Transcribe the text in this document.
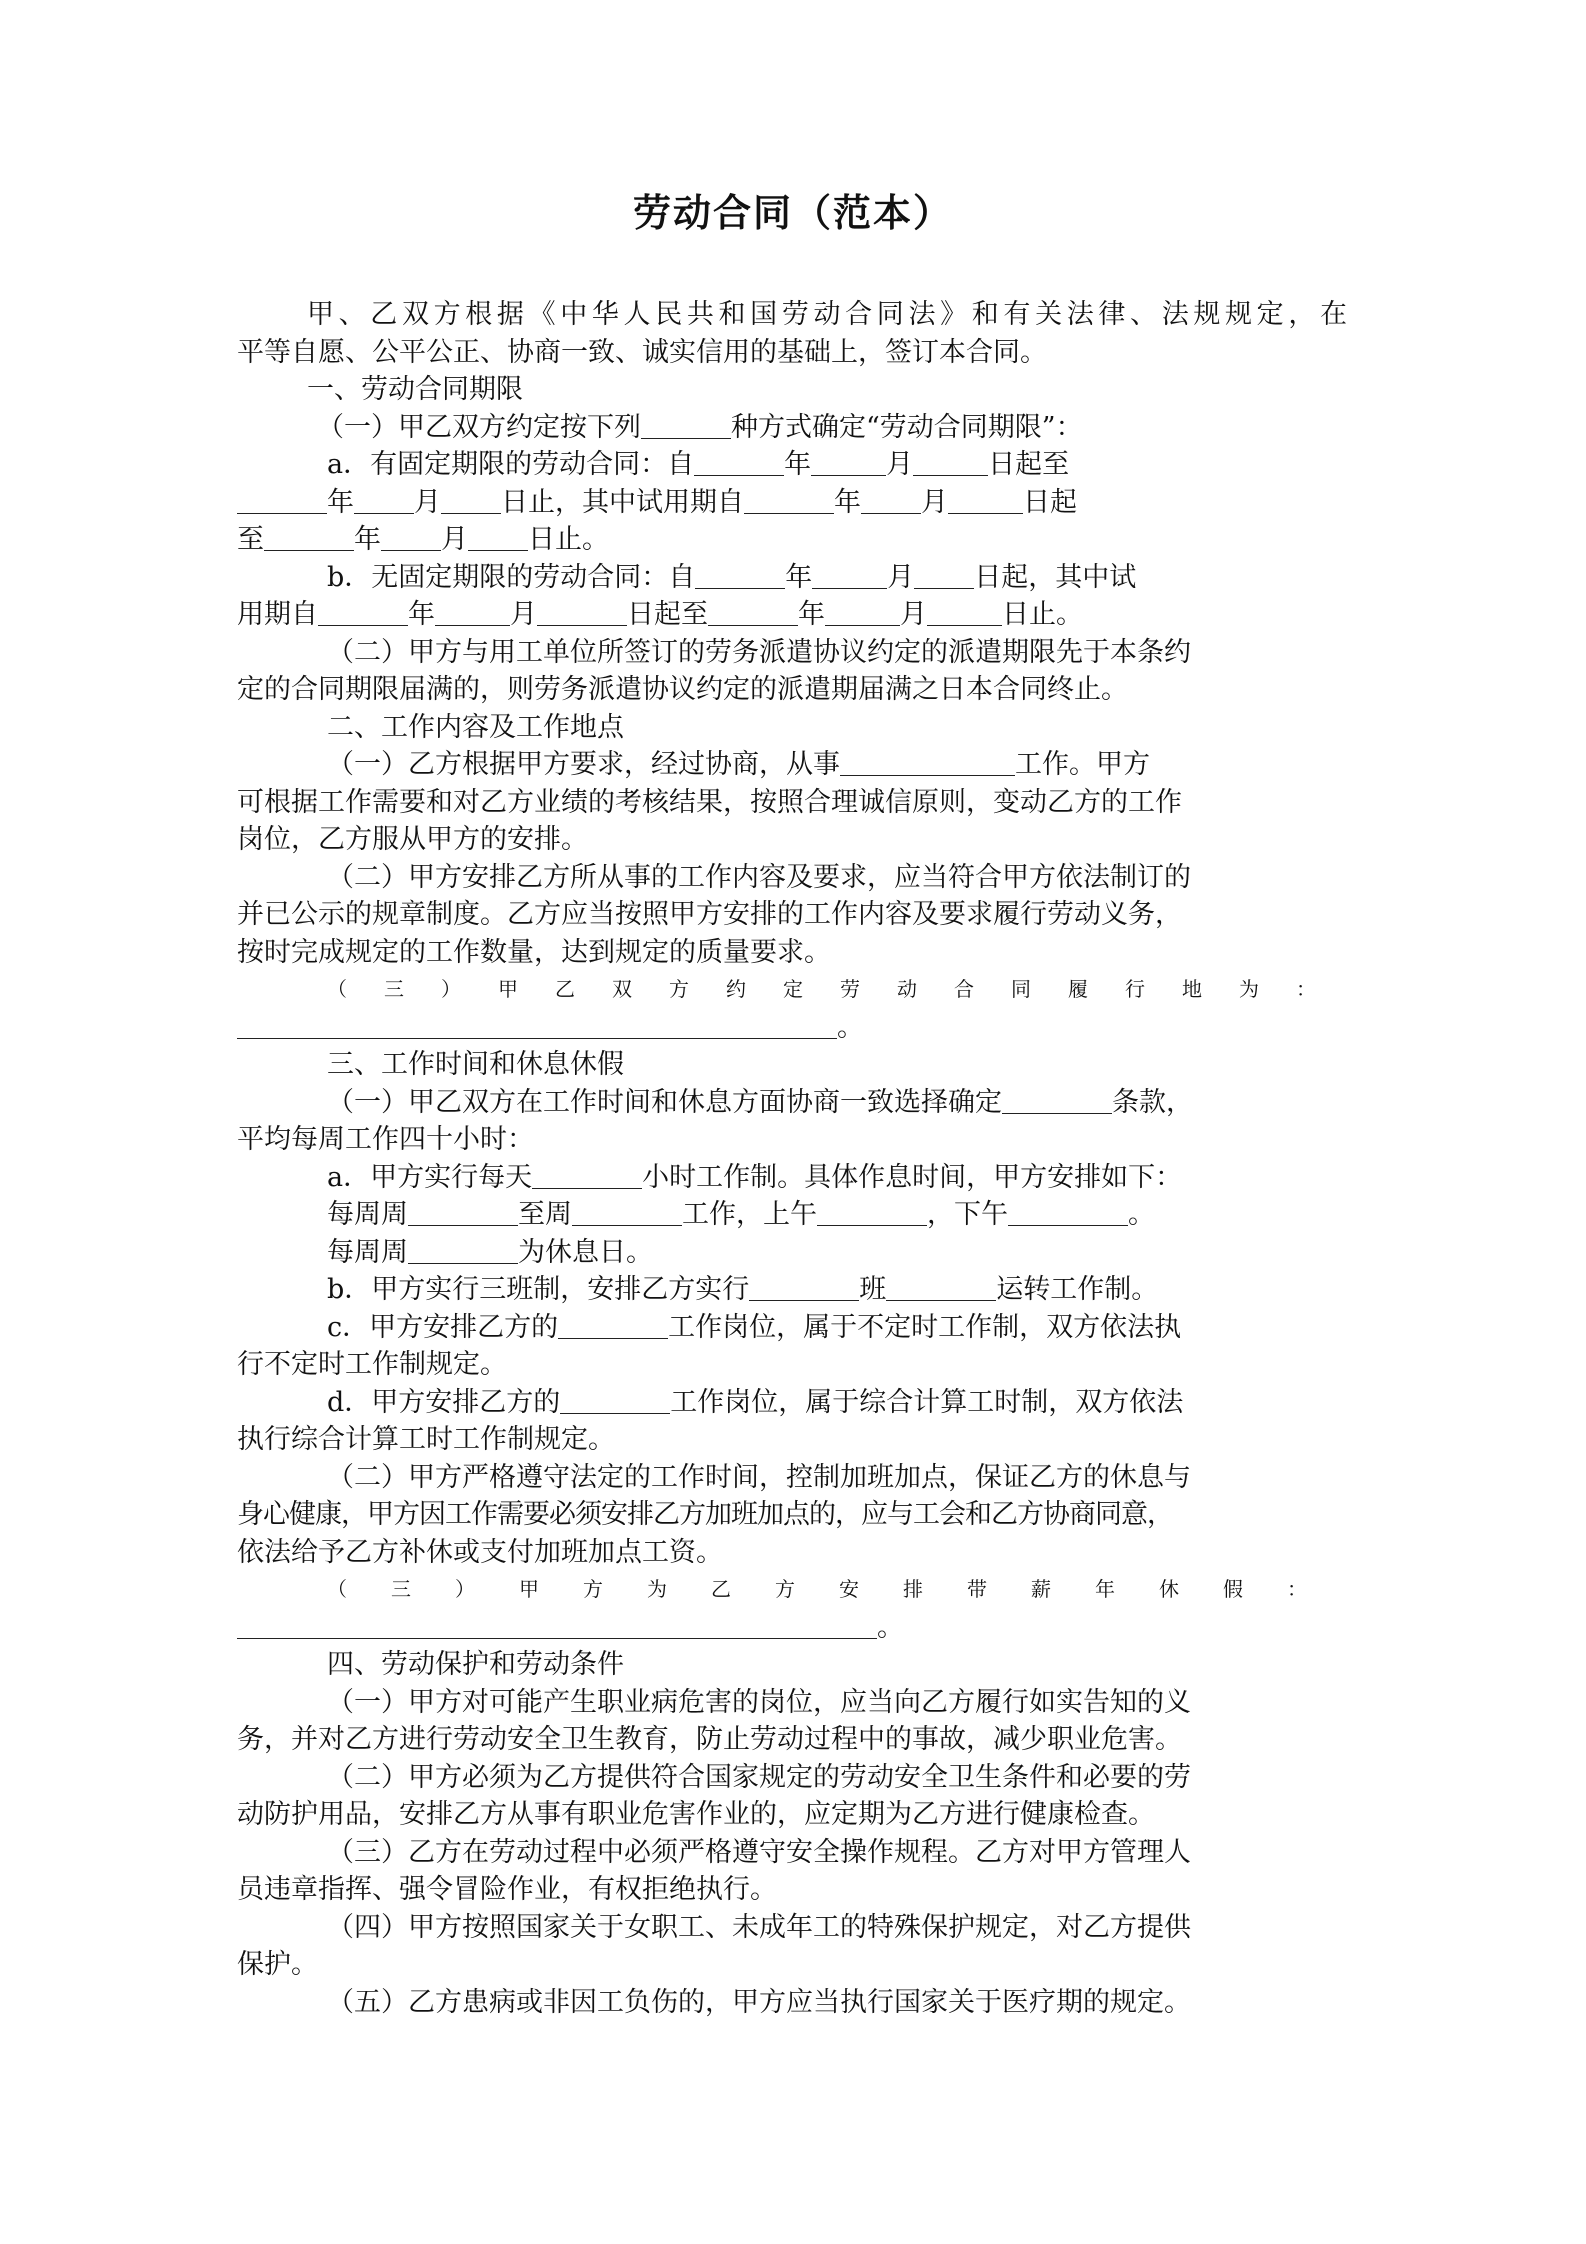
劳动合同（范本）
甲、乙双方根据《中华人民共和国劳动合同法》和有关法律、法规规定，在
平等自愿、公平公正、协商一致、诚实信用的基础上，签订本合同。
一、劳动合同期限
（一）甲乙双方约定按下列	种方式确定“劳动合同期限”：
a．有固定期限的劳动合同：自	年	月	日起至
年 月 日止，其中试用期自	年 月	日起
至	年 月 日止。
b．无固定期限的劳动合同：自	年	月 日起，其中试
用期自	年	月	日起至	年	月	日止。
（二）甲方与用工单位所签订的劳务派遣协议约定的派遣期限先于本条约
定的合同期限届满的，则劳务派遣协议约定的派遣期届满之日本合同终止。
二、工作内容及工作地点
（一）乙方根据甲方要求，经过协商，从事	工作。甲方
可根据工作需要和对乙方业绩的考核结果，按照合理诚信原则，变动乙方的工作
岗位，乙方服从甲方的安排。
（二）甲方安排乙方所从事的工作内容及要求，应当符合甲方依法制订的
并已公示的规章制度。乙方应当按照甲方安排的工作内容及要求履行劳动义务，
按时完成规定的工作数量，达到规定的质量要求。
（三）甲乙双方约定劳动合同履行地为：
。
三、工作时间和休息休假
（一）甲乙双方在工作时间和休息方面协商一致选择确定	条款，
平均每周工作四十小时：
a．甲方实行每天	小时工作制。具体作息时间，甲方安排如下：
每周周	至周	工作，上午	，下午	。
每周周	为休息日。
b．甲方实行三班制，安排乙方实行	班	运转工作制。
c．甲方安排乙方的	工作岗位，属于不定时工作制，双方依法执
行不定时工作制规定。
d．甲方安排乙方的	工作岗位，属于综合计算工时制，双方依法
执行综合计算工时工作制规定。
（二）甲方严格遵守法定的工作时间，控制加班加点，保证乙方的休息与
身心健康，甲方因工作需要必须安排乙方加班加点的，应与工会和乙方协商同意，
依法给予乙方补休或支付加班加点工资。
（三）甲方为乙方安排带薪年休假：
。
四、劳动保护和劳动条件
（一）甲方对可能产生职业病危害的岗位，应当向乙方履行如实告知的义
务，并对乙方进行劳动安全卫生教育，防止劳动过程中的事故，减少职业危害。
（二）甲方必须为乙方提供符合国家规定的劳动安全卫生条件和必要的劳
动防护用品，安排乙方从事有职业危害作业的，应定期为乙方进行健康检查。
（三）乙方在劳动过程中必须严格遵守安全操作规程。乙方对甲方管理人
员违章指挥、强令冒险作业，有权拒绝执行。
（四）甲方按照国家关于女职工、未成年工的特殊保护规定，对乙方提供
保护。
（五）乙方患病或非因工负伤的，甲方应当执行国家关于医疗期的规定。
